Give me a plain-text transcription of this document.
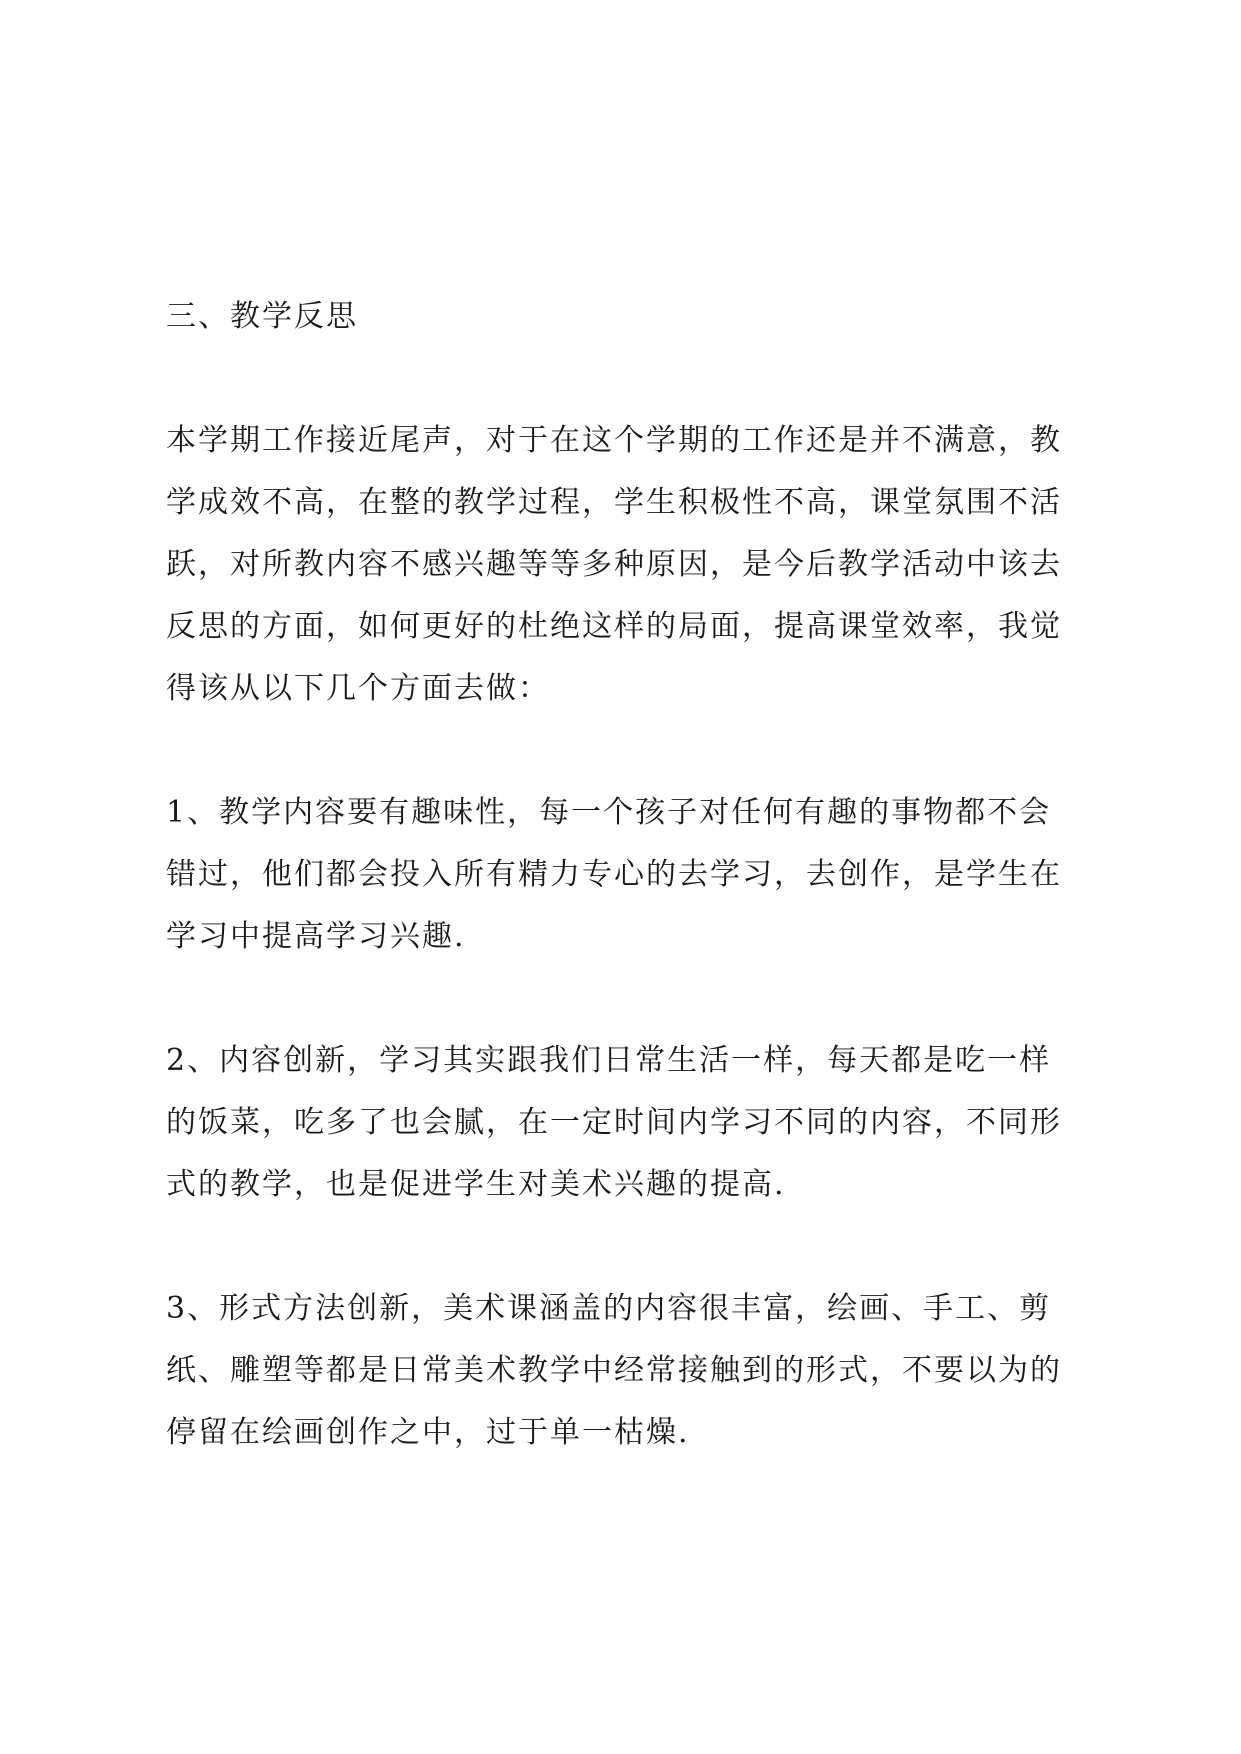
三、教学反思
本学期工作接近尾声，对于在这个学期的工作还是并不满意，教
学成效不高，在整的教学过程，学生积极性不高，课堂氛围不活
跃，对所教内容不感兴趣等等多种原因，是今后教学活动中该去
反思的方面，如何更好的杜绝这样的局面，提高课堂效率，我觉
得该从以下几个方面去做：
1、教学内容要有趣味性，每一个孩子对任何有趣的事物都不会
错过，他们都会投入所有精力专心的去学习，去创作，是学生在
学习中提高学习兴趣.
2、内容创新，学习其实跟我们日常生活一样，每天都是吃一样
的饭菜，吃多了也会腻，在一定时间内学习不同的内容，不同形
式的教学，也是促进学生对美术兴趣的提高.
3、形式方法创新，美术课涵盖的内容很丰富，绘画、手工、剪
纸、雕塑等都是日常美术教学中经常接触到的形式，不要以为的
停留在绘画创作之中，过于单一枯燥.
